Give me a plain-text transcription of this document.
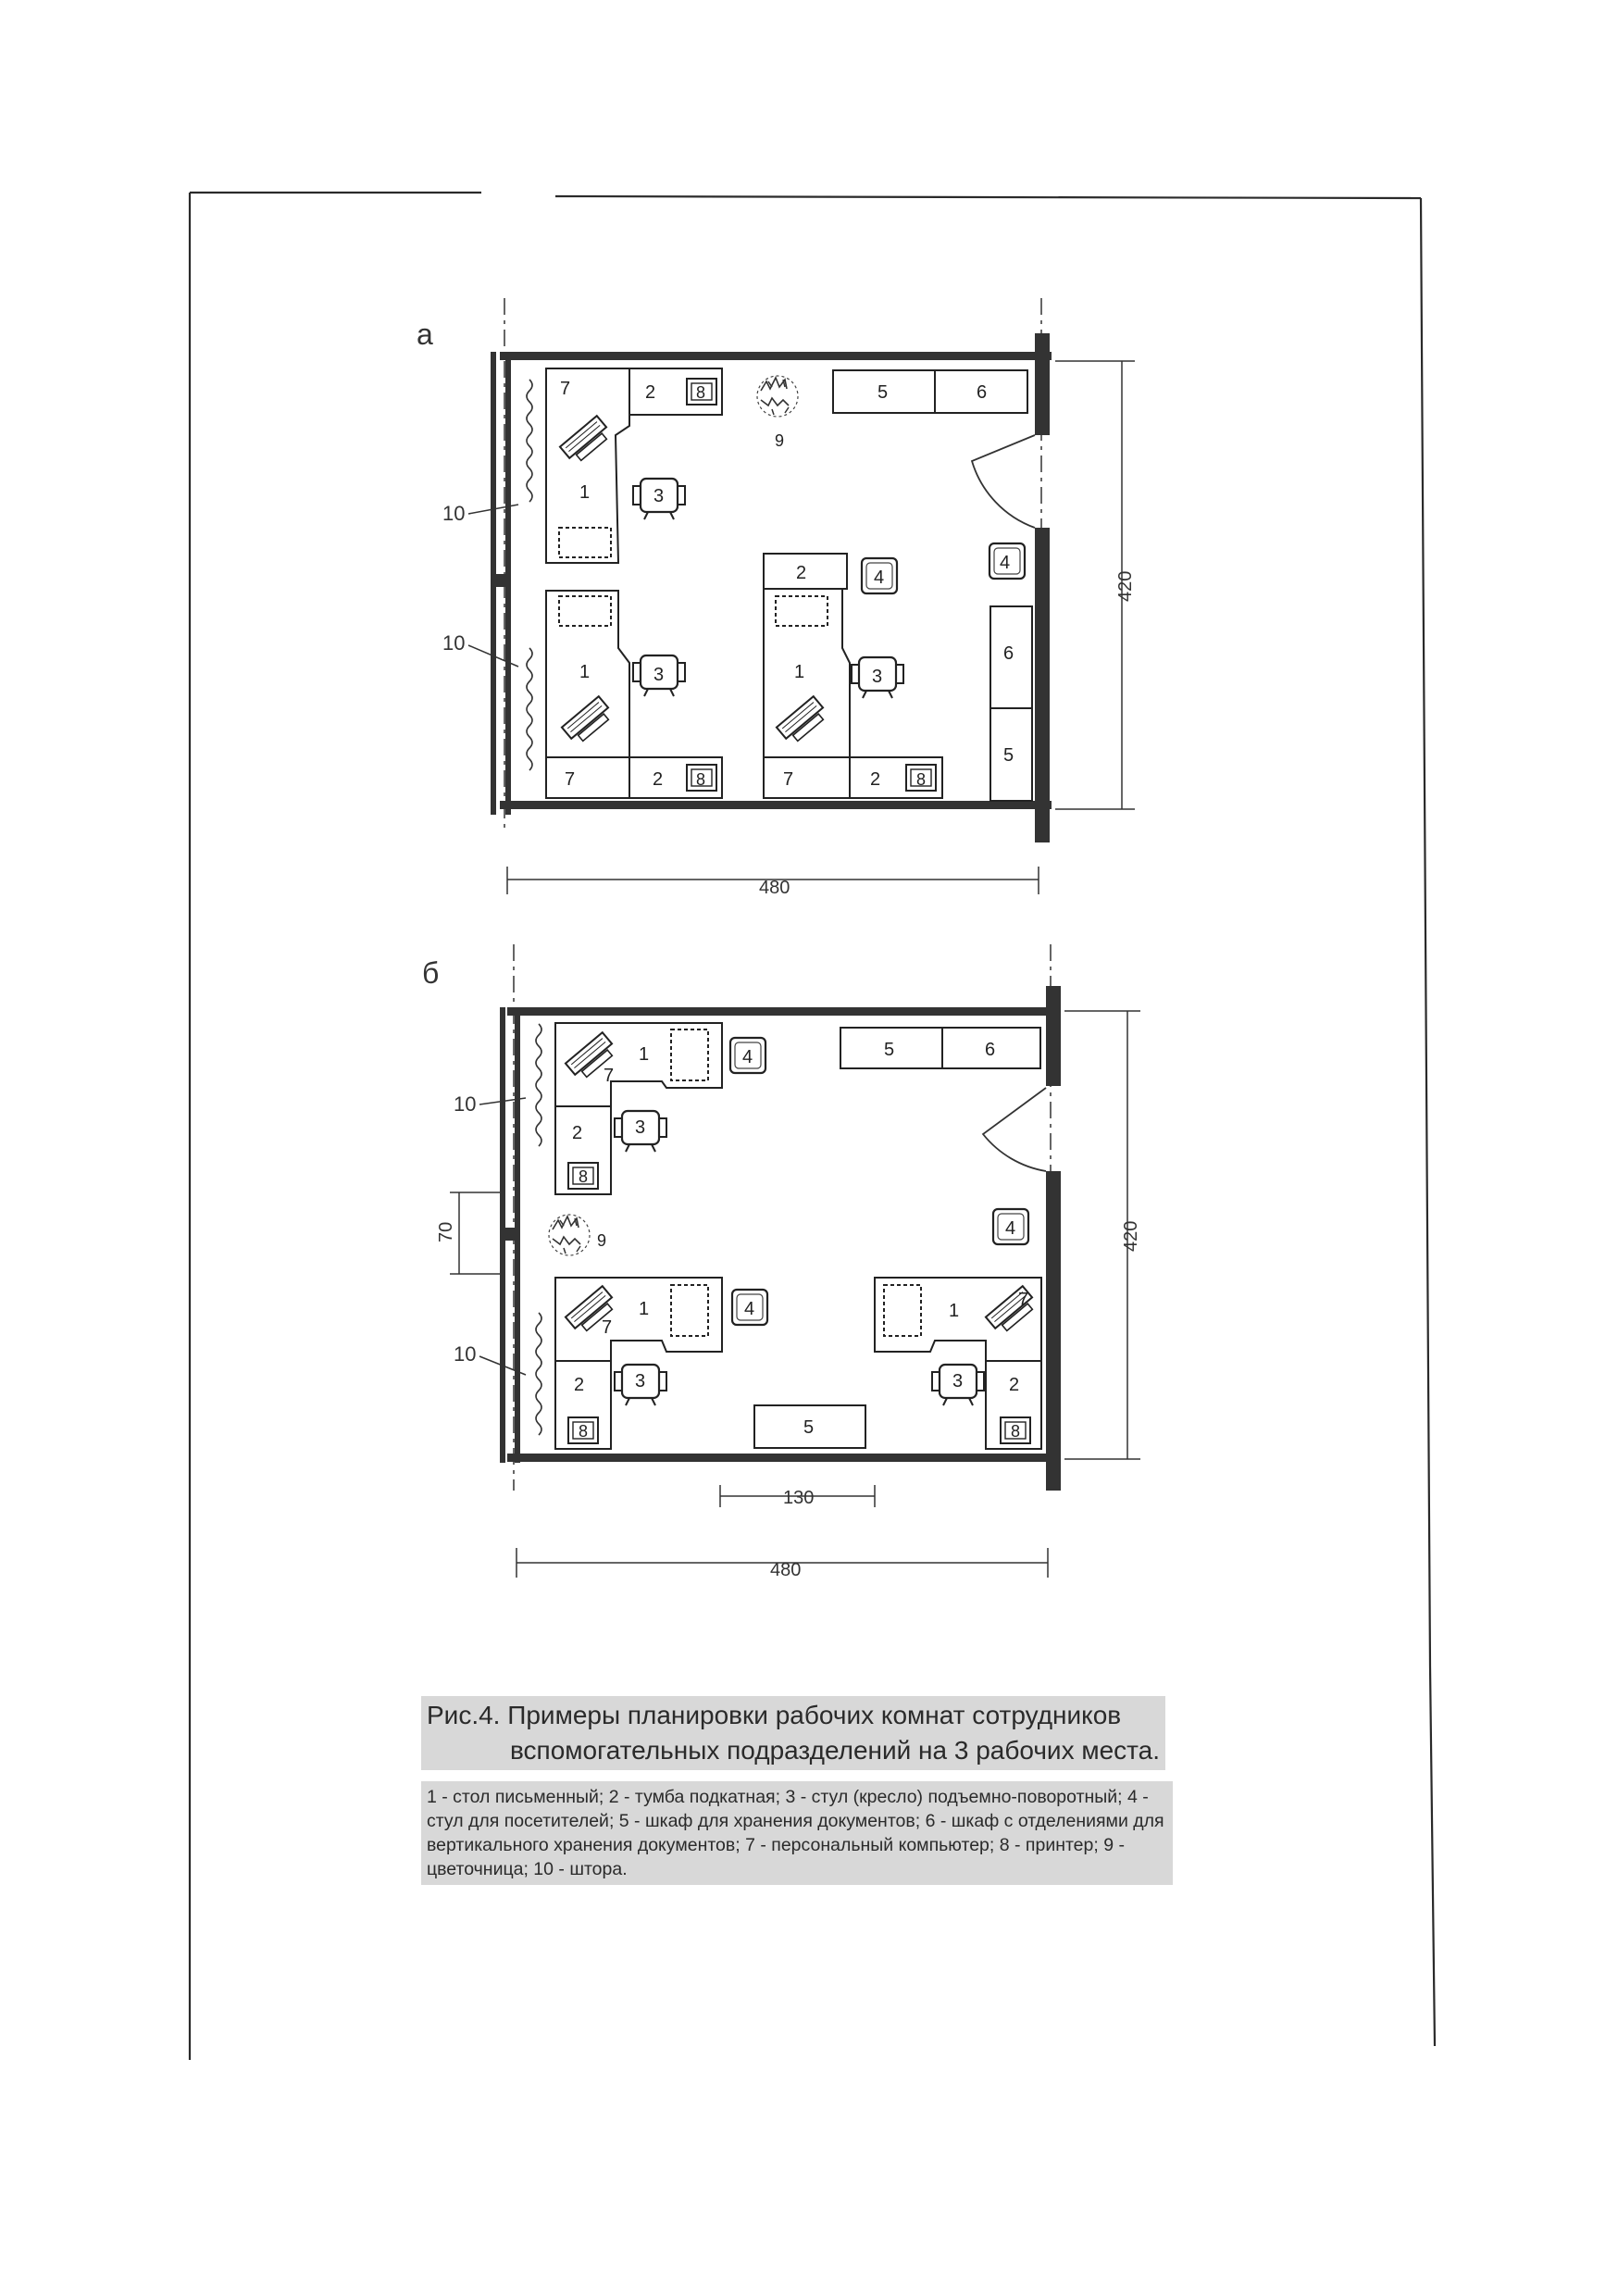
а
10
10
7	2 8
1	3
9
5	6
1	3
7	2 8
2	4
1	3
7	2 8
4
6
5
480
420
б
10
10
70
1
7
4
2	3
8
9
5	6
4
1
7
4
2	3
8	5
1
7
3 2
8
130
480
420
Рис.4. Примеры планировки рабочих комнат сотрудников
вспомогательных подразделений на 3 рабочих места.
1 - стол письменный; 2 - тумба подкатная; 3 - стул (кресло) подъемно-поворотный; 4 - стул для посетителей; 5 - шкаф для хранения документов; 6 - шкаф с отделениями для вертикального хранения документов; 7 - персональный компьютер; 8 - принтер; 9 - цветочница; 10 - штора.
